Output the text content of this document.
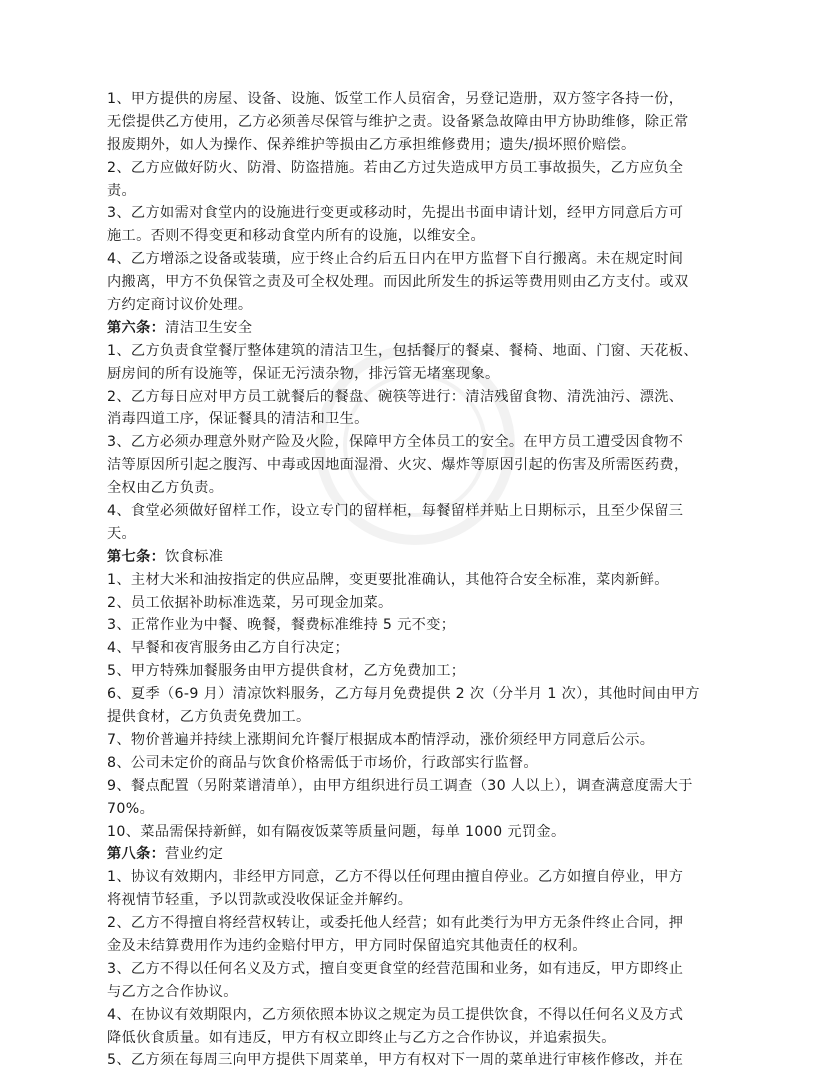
1、甲方提供的房屋、设备、设施、饭堂工作人员宿舍，另登记造册，双方签字各持一份，
无偿提供乙方使用，乙方必须善尽保管与维护之责。设备紧急故障由甲方协助维修，除正常
报废期外，如人为操作、保养维护等损由乙方承担维修费用；遗失/损坏照价赔偿。
2、乙方应做好防火、防滑、防盗措施。若由乙方过失造成甲方员工事故损失，乙方应负全
责。
3、乙方如需对食堂内的设施进行变更或移动时，先提出书面申请计划，经甲方同意后方可
施工。否则不得变更和移动食堂内所有的设施，以维安全。
4、乙方增添之设备或装璜，应于终止合约后五日内在甲方监督下自行搬离。未在规定时间
内搬离，甲方不负保管之责及可全权处理。而因此所发生的拆运等费用则由乙方支付。或双
方约定商讨议价处理。
第六条：清洁卫生安全
1、乙方负责食堂餐厅整体建筑的清洁卫生，包括餐厅的餐桌、餐椅、地面、门窗、天花板、
厨房间的所有设施等，保证无污渍杂物，排污管无堵塞现象。
2、乙方每日应对甲方员工就餐后的餐盘、碗筷等进行：清洁残留食物、清洗油污、漂洗、
消毒四道工序，保证餐具的清洁和卫生。
3、乙方必须办理意外财产险及火险，保障甲方全体员工的安全。在甲方员工遭受因食物不
洁等原因所引起之腹泻、中毒或因地面湿滑、火灾、爆炸等原因引起的伤害及所需医药费，
全权由乙方负责。
4、食堂必须做好留样工作，设立专门的留样柜，每餐留样并贴上日期标示，且至少保留三
天。
第七条：饮食标准
1、主材大米和油按指定的供应品牌，变更要批准确认，其他符合安全标准，菜肉新鲜。
2、员工依据补助标准选菜，另可现金加菜。
3、正常作业为中餐、晚餐，餐费标准维持 5 元不变；
4、早餐和夜宵服务由乙方自行决定；
5、甲方特殊加餐服务由甲方提供食材，乙方免费加工；
6、夏季（6-9 月）清凉饮料服务，乙方每月免费提供 2 次（分半月 1 次），其他时间由甲方
提供食材，乙方负责免费加工。
7、物价普遍并持续上涨期间允许餐厅根据成本酌情浮动，涨价须经甲方同意后公示。
8、公司未定价的商品与饮食价格需低于市场价，行政部实行监督。
9、餐点配置（另附菜谱清单），由甲方组织进行员工调查（30 人以上），调查满意度需大于
70%。
10、菜品需保持新鲜，如有隔夜饭菜等质量问题，每单 1000 元罚金。
第八条：营业约定
1、协议有效期内，非经甲方同意，乙方不得以任何理由擅自停业。乙方如擅自停业，甲方
将视情节轻重，予以罚款或没收保证金并解约。
2、乙方不得擅自将经营权转让，或委托他人经营；如有此类行为甲方无条件终止合同，押
金及未结算费用作为违约金赔付甲方，甲方同时保留追究其他责任的权利。
3、乙方不得以任何名义及方式，擅自变更食堂的经营范围和业务，如有违反，甲方即终止
与乙方之合作协议。
4、在协议有效期限内，乙方须依照本协议之规定为员工提供饮食，不得以任何名义及方式
降低伙食质量。如有违反，甲方有权立即终止与乙方之合作协议，并追索损失。
5、乙方须在每周三向甲方提供下周菜单，甲方有权对下一周的菜单进行审核作修改，并在
